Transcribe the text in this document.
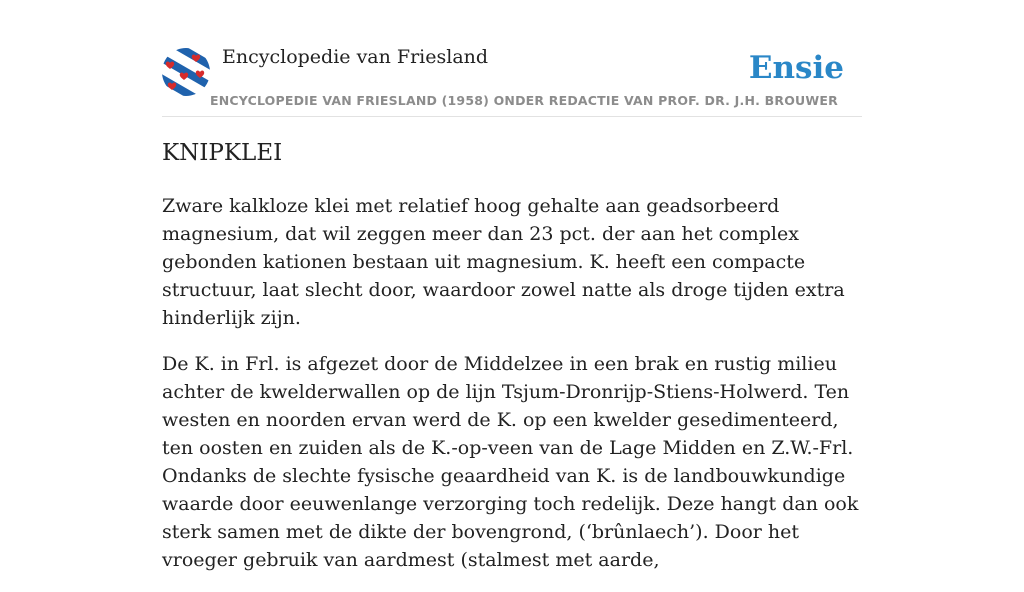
Encyclopedie van Friesland	Ensie
ENCYCLOPEDIE VAN FRIESLAND (1958) ONDER REDACTIE VAN PROF. DR. J.H. BROUWER
KNIPKLEI

Zware kalkloze klei met relatief hoog gehalte aan geadsorbeerd magnesium, dat wil zeggen meer dan 23 pct. der aan het complex gebonden kationen bestaan uit magnesium. K. heeft een compacte structuur, laat slecht door, waardoor zowel natte als droge tijden extra hinderlijk zijn.

De K. in Frl. is afgezet door de Middelzee in een brak en rustig milieu achter de kwelderwallen op de lijn Tsjum-Dronrijp-Stiens-Holwerd. Ten westen en noorden ervan werd de K. op een kwelder gesedimenteerd, ten oosten en zuiden als de K.-op-veen van de Lage Midden en Z.W.-Frl. Ondanks de slechte fysische geaardheid van K. is de landbouwkundige waarde door eeuwenlange verzorging toch redelijk. Deze hangt dan ook sterk samen met de dikte der bovengrond, (‘brûnlaech’). Door het vroeger gebruik van aardmest (stalmest met aarde,
